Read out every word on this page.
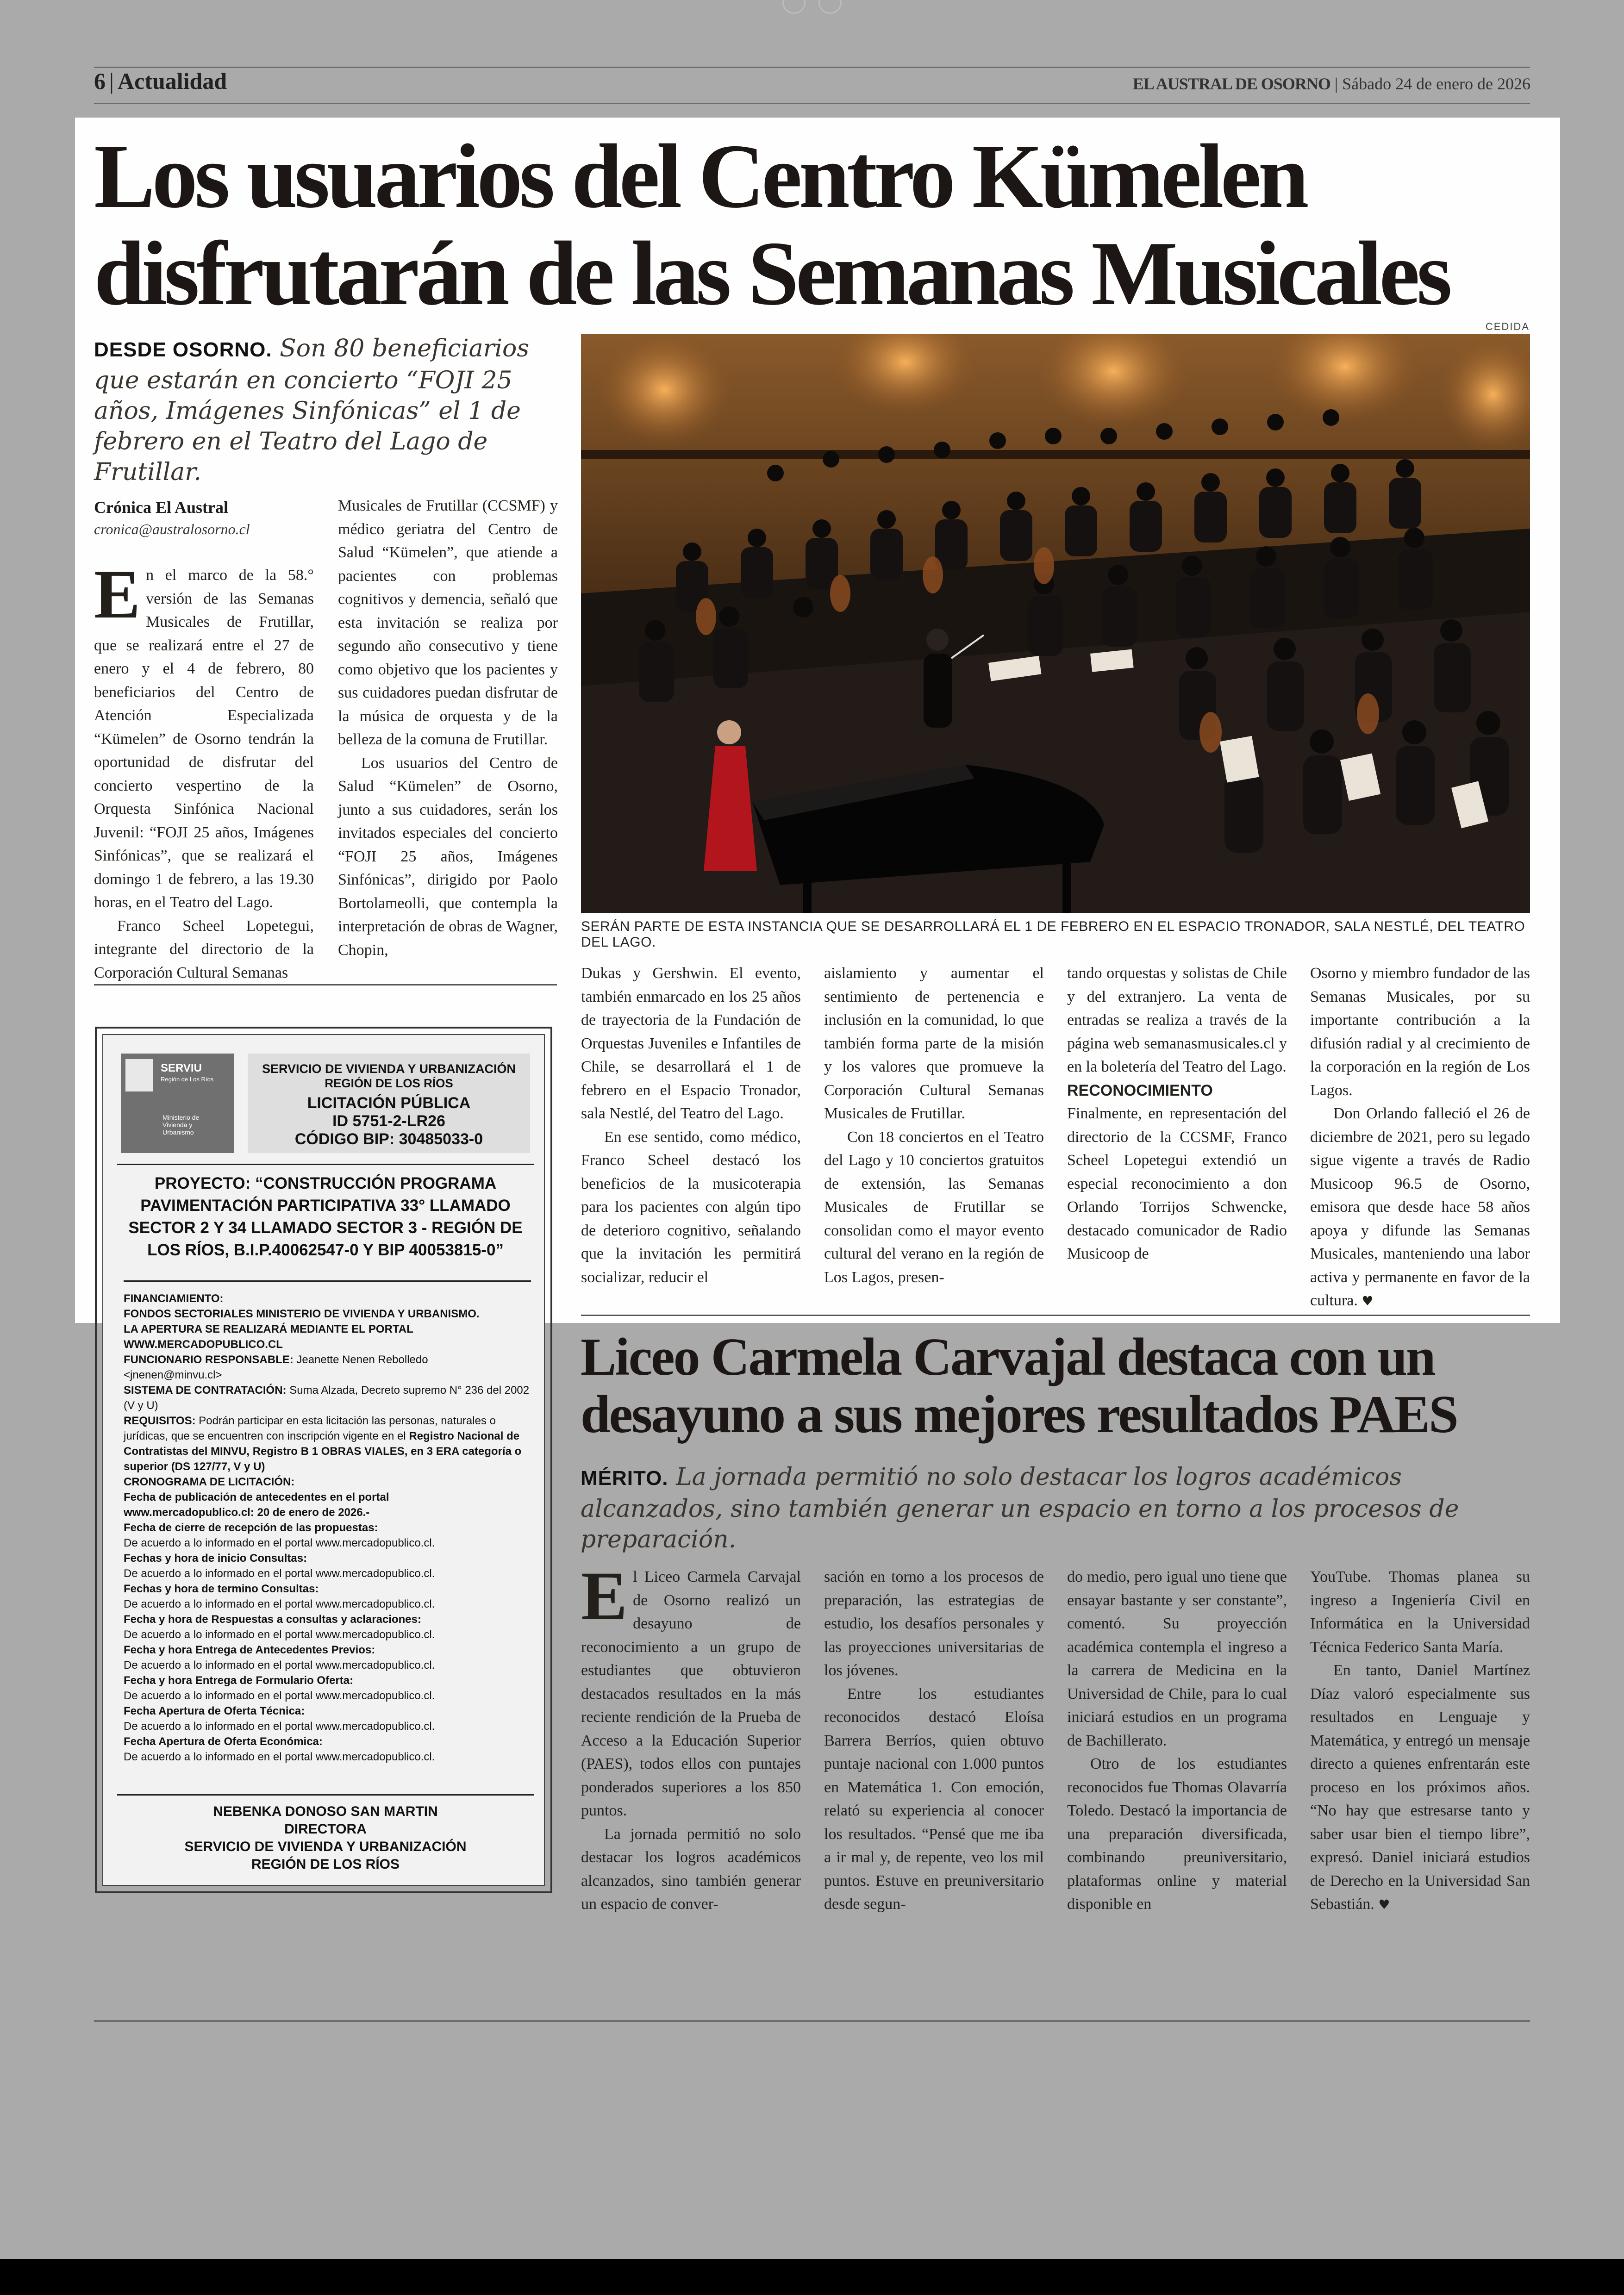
6 | Actualidad	EL AUSTRAL DE OSORNO | Sábado 24 de enero de 2026
Los usuarios del Centro Kümelen
disfrutarán de las Semanas Musicales
CEDIDA
DESDE OSORNO. Son 80 beneficiarios que estarán en concierto “FOJI 25 años, Imágenes Sinfónicas” el 1 de febrero en el Teatro del Lago de Frutillar.
SERÁN PARTE DE ESTA INSTANCIA QUE SE DESARROLLARÁ EL 1 DE FEBRERO EN EL ESPACIO TRONADOR, SALA NESTLÉ, DEL TEATRO DEL LAGO.
Crónica El Austral
cronica@australosorno.cl

En el marco de la 58.° versión de las Semanas Musicales de Frutillar, que se realizará entre el 27 de enero y el 4 de febrero, 80 beneficiarios del Centro de Atención Especializada “Kümelen” de Osorno tendrán la oportunidad de disfrutar del concierto vespertino de la Orquesta Sinfónica Nacional Juvenil: “FOJI 25 años, Imágenes Sinfónicas”, que se realizará el domingo 1 de febrero, a las 19.30 horas, en el Teatro del Lago.

Franco Scheel Lopetegui, integrante del directorio de la Corporación Cultural Semanas

Musicales de Frutillar (CCSMF) y médico geriatra del Centro de Salud “Kümelen”, que atiende a pacientes con problemas cognitivos y demencia, señaló que esta invitación se realiza por segundo año consecutivo y tiene como objetivo que los pacientes y sus cuidadores puedan disfrutar de la música de orquesta y de la belleza de la comuna de Frutillar.

Los usuarios del Centro de Salud “Kümelen” de Osorno, junto a sus cuidadores, serán los invitados especiales del concierto “FOJI 25 años, Imágenes Sinfónicas”, dirigido por Paolo Bortolameolli, que contempla la interpretación de obras de Wagner, Chopin,

Dukas y Gershwin. El evento, también enmarcado en los 25 años de trayectoria de la Fundación de Orquestas Juveniles e Infantiles de Chile, se desarrollará el 1 de febrero en el Espacio Tronador, sala Nestlé, del Teatro del Lago.

En ese sentido, como médico, Franco Scheel destacó los beneficios de la musicoterapia para los pacientes con algún tipo de deterioro cognitivo, señalando que la invitación les permitirá socializar, reducir el

aislamiento y aumentar el sentimiento de pertenencia e inclusión en la comunidad, lo que también forma parte de la misión y los valores que promueve la Corporación Cultural Semanas Musicales de Frutillar.

Con 18 conciertos en el Teatro del Lago y 10 conciertos gratuitos de extensión, las Semanas Musicales de Frutillar se consolidan como el mayor evento cultural del verano en la región de Los Lagos, presen-

tando orquestas y solistas de Chile y del extranjero. La venta de entradas se realiza a través de la página web semanasmusicales.cl y en la boletería del Teatro del Lago.

RECONOCIMIENTO

Finalmente, en representación del directorio de la CCSMF, Franco Scheel Lopetegui extendió un especial reconocimiento a don Orlando Torrijos Schwencke, destacado comunicador de Radio Musicoop de

Osorno y miembro fundador de las Semanas Musicales, por su importante contribución a la difusión radial y al crecimiento de la corporación en la región de Los Lagos.

Don Orlando falleció el 26 de diciembre de 2021, pero su legado sigue vigente a través de Radio Musicoop 96.5 de Osorno, emisora que desde hace 58 años apoya y difunde las Semanas Musicales, manteniendo una labor activa y permanente en favor de la cultura. ♥

SERVIU
Región de Los Ríos
Ministerio de Vivienda y Urbanismo
SERVICIO DE VIVIENDA Y URBANIZACIÓN
REGIÓN DE LOS RÍOS
LICITACIÓN PÚBLICA
ID 5751-2-LR26
CÓDIGO BIP: 30485033-0
PROYECTO: “CONSTRUCCIÓN PROGRAMA PAVIMENTACIÓN PARTICIPATIVA 33° LLAMADO SECTOR 2 Y 34 LLAMADO SECTOR 3 - REGIÓN DE LOS RÍOS, B.I.P.40062547-0 Y BIP 40053815-0”
FINANCIAMIENTO:
FONDOS SECTORIALES MINISTERIO DE VIVIENDA Y URBANISMO.
LA APERTURA SE REALIZARÁ MEDIANTE EL PORTAL
WWW.MERCADOPUBLICO.CL
FUNCIONARIO RESPONSABLE: Jeanette Nenen Rebolledo
<jnenen@minvu.cl>
SISTEMA DE CONTRATACIÓN: Suma Alzada, Decreto supremo N° 236 del 2002 (V y U)
REQUISITOS: Podrán participar en esta licitación las personas, naturales o jurídicas, que se encuentren con inscripción vigente en el Registro Nacional de Contratistas del MINVU, Registro B 1 OBRAS VIALES, en 3 ERA categoría o superior (DS 127/77, V y U)
CRONOGRAMA DE LICITACIÓN:
Fecha de publicación de antecedentes en el portal
www.mercadopublico.cl: 20 de enero de 2026.-
Fecha de cierre de recepción de las propuestas:
De acuerdo a lo informado en el portal www.mercadopublico.cl.
Fechas y hora de inicio Consultas:
De acuerdo a lo informado en el portal www.mercadopublico.cl.
Fechas y hora de termino Consultas:
De acuerdo a lo informado en el portal www.mercadopublico.cl.
Fecha y hora de Respuestas a consultas y aclaraciones:
De acuerdo a lo informado en el portal www.mercadopublico.cl.
Fecha y hora Entrega de Antecedentes Previos:
De acuerdo a lo informado en el portal www.mercadopublico.cl.
Fecha y hora Entrega de Formulario Oferta:
De acuerdo a lo informado en el portal www.mercadopublico.cl.
Fecha Apertura de Oferta Técnica:
De acuerdo a lo informado en el portal www.mercadopublico.cl.
Fecha Apertura de Oferta Económica:
De acuerdo a lo informado en el portal www.mercadopublico.cl.
NEBENKA DONOSO SAN MARTIN
DIRECTORA
SERVICIO DE VIVIENDA Y URBANIZACIÓN
REGIÓN DE LOS RÍOS
Liceo Carmela Carvajal destaca con un
desayuno a sus mejores resultados PAES
MÉRITO. La jornada permitió no solo destacar los logros académicos alcanzados, sino también generar un espacio en torno a los procesos de preparación.

El Liceo Carmela Carvajal de Osorno realizó un desayuno de reconocimiento a un grupo de estudiantes que obtuvieron destacados resultados en la más reciente rendición de la Prueba de Acceso a la Educación Superior (PAES), todos ellos con puntajes ponderados superiores a los 850 puntos.

La jornada permitió no solo destacar los logros académicos alcanzados, sino también generar un espacio de conver-

sación en torno a los procesos de preparación, las estrategias de estudio, los desafíos personales y las proyecciones universitarias de los jóvenes.

Entre los estudiantes reconocidos destacó Eloísa Barrera Berríos, quien obtuvo puntaje nacional con 1.000 puntos en Matemática 1. Con emoción, relató su experiencia al conocer los resultados. “Pensé que me iba a ir mal y, de repente, veo los mil puntos. Estuve en preuniversitario desde segun-

do medio, pero igual uno tiene que ensayar bastante y ser constante”, comentó. Su proyección académica contempla el ingreso a la carrera de Medicina en la Universidad de Chile, para lo cual iniciará estudios en un programa de Bachillerato.

Otro de los estudiantes reconocidos fue Thomas Olavarría Toledo. Destacó la importancia de una preparación diversificada, combinando preuniversitario, plataformas online y material disponible en

YouTube. Thomas planea su ingreso a Ingeniería Civil en Informática en la Universidad Técnica Federico Santa María.

En tanto, Daniel Martínez Díaz valoró especialmente sus resultados en Lenguaje y Matemática, y entregó un mensaje directo a quienes enfrentarán este proceso en los próximos años. “No hay que estresarse tanto y saber usar bien el tiempo libre”, expresó. Daniel iniciará estudios de Derecho en la Universidad San Sebastián. ♥
